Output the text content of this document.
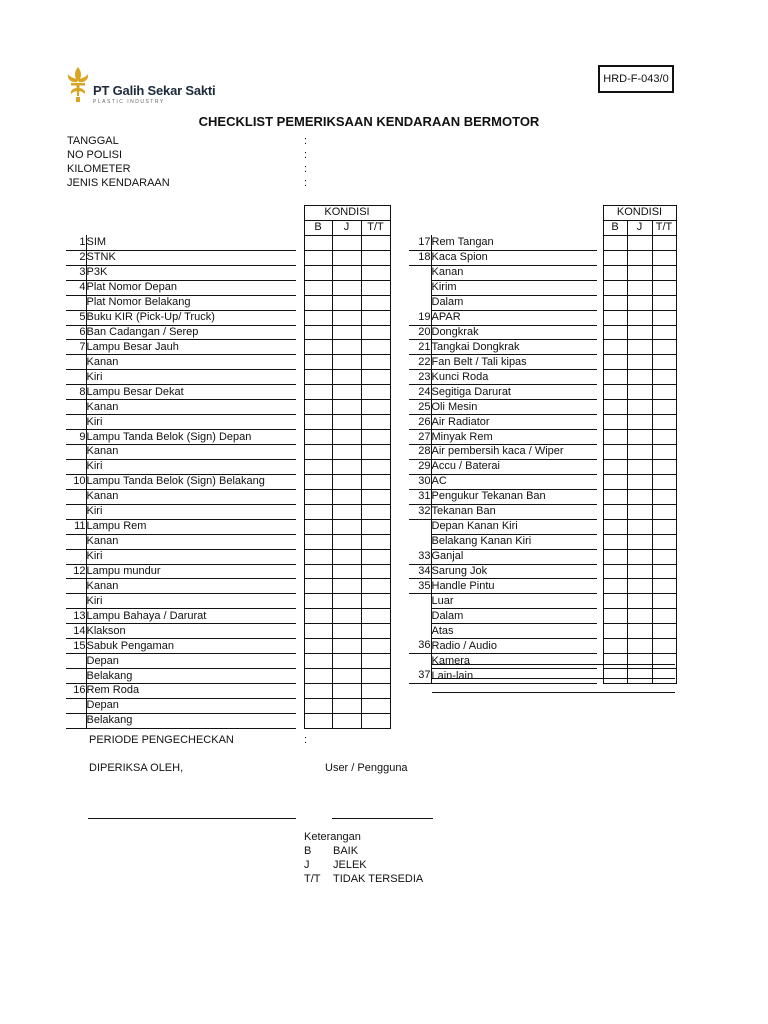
PT Galih Sekar Sakti
PLASTIC INDUSTRY
HRD-F-043/0
CHECKLIST PEMERIKSAAN KENDARAAN BERMOTOR
TANGGAL	:
NO POLISI	:
KILOMETER	:
JENIS KENDARAAN	:
			KONDISI		
			B	J	T/T
1	SIM				
2	STNK				
3	P3K				
4	Plat Nomor Depan				
	Plat Nomor Belakang				
5	Buku KIR (Pick-Up/ Truck)				
6	Ban Cadangan / Serep				
7	Lampu Besar Jauh				
	Kanan				
	Kiri				
8	Lampu Besar Dekat				
	Kanan				
	Kiri				
9	Lampu Tanda Belok (Sign) Depan				
	Kanan				
	Kiri				
10	Lampu Tanda Belok (Sign) Belakang				
	Kanan				
	Kiri				
11	Lampu Rem				
	Kanan				
	Kiri				
12	Lampu mundur				
	Kanan				
	Kiri				
13	Lampu Bahaya / Darurat				
14	Klakson				
15	Sabuk Pengaman				
	Depan				
	Belakang				
16	Rem Roda				
	Depan				
	Belakang				
			KONDISI		
			B	J	T/T
17	Rem Tangan				
18	Kaca Spion				
	Kanan				
	Kirim				
	Dalam				
19	APAR				
20	Dongkrak				
21	Tangkai Dongkrak				
22	Fan Belt / Tali kipas				
23	Kunci Roda				
24	Segitiga Darurat				
25	Oli Mesin				
26	Air Radiator				
27	Minyak Rem				
28	Air pembersih kaca / Wiper				
29	Accu / Baterai				
30	AC				
31	Pengukur Tekanan Ban				
32	Tekanan Ban				
	Depan Kanan Kiri				
	Belakang Kanan Kiri				
33	Ganjal				
34	Sarung Jok				
35	Handle Pintu				
	Luar				
	Dalam				
	Atas				
36	Radio / Audio				
	Kamera				
37	Lain-lain				
PERIODE PENGECHECKAN	:
DIPERIKSA OLEH,	User / Pengguna
Keterangan
B BAIK
J JELEK
T/T TIDAK TERSEDIA
